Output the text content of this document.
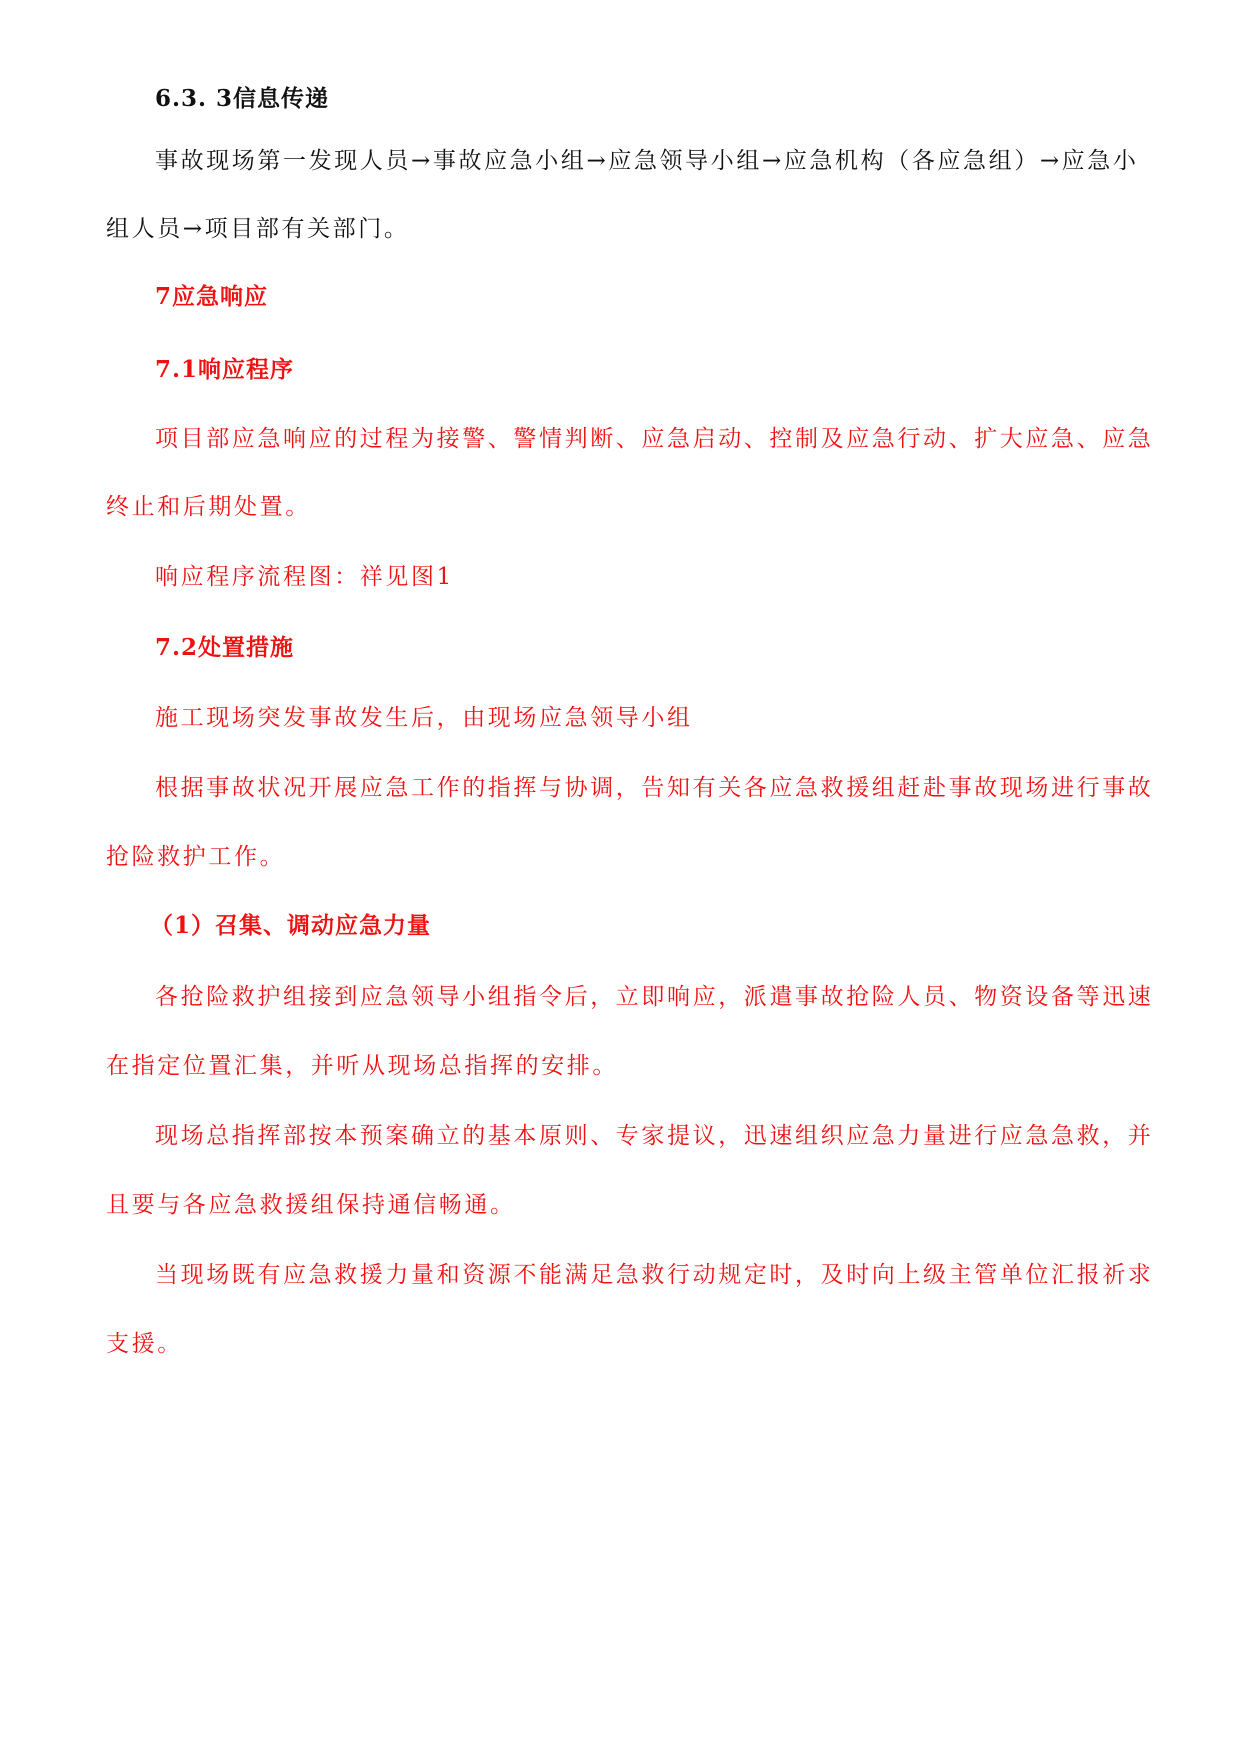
6.3. 3信息传递
事故现场第一发现人员→事故应急小组→应急领导小组→应急机构（各应急组）→应急小
组人员→项目部有关部门。
7应急响应
7.1响应程序
项目部应急响应的过程为接警、警情判断、应急启动、控制及应急行动、扩大应急、应急
终止和后期处置。
响应程序流程图：祥见图1
7.2处置措施
施工现场突发事故发生后，由现场应急领导小组
根据事故状况开展应急工作的指挥与协调，告知有关各应急救援组赶赴事故现场进行事故
抢险救护工作。
（1）召集、调动应急力量
各抢险救护组接到应急领导小组指令后，立即响应，派遣事故抢险人员、物资设备等迅速
在指定位置汇集，并听从现场总指挥的安排。
现场总指挥部按本预案确立的基本原则、专家提议，迅速组织应急力量进行应急急救，并
且要与各应急救援组保持通信畅通。
当现场既有应急救援力量和资源不能满足急救行动规定时，及时向上级主管单位汇报祈求
支援。
